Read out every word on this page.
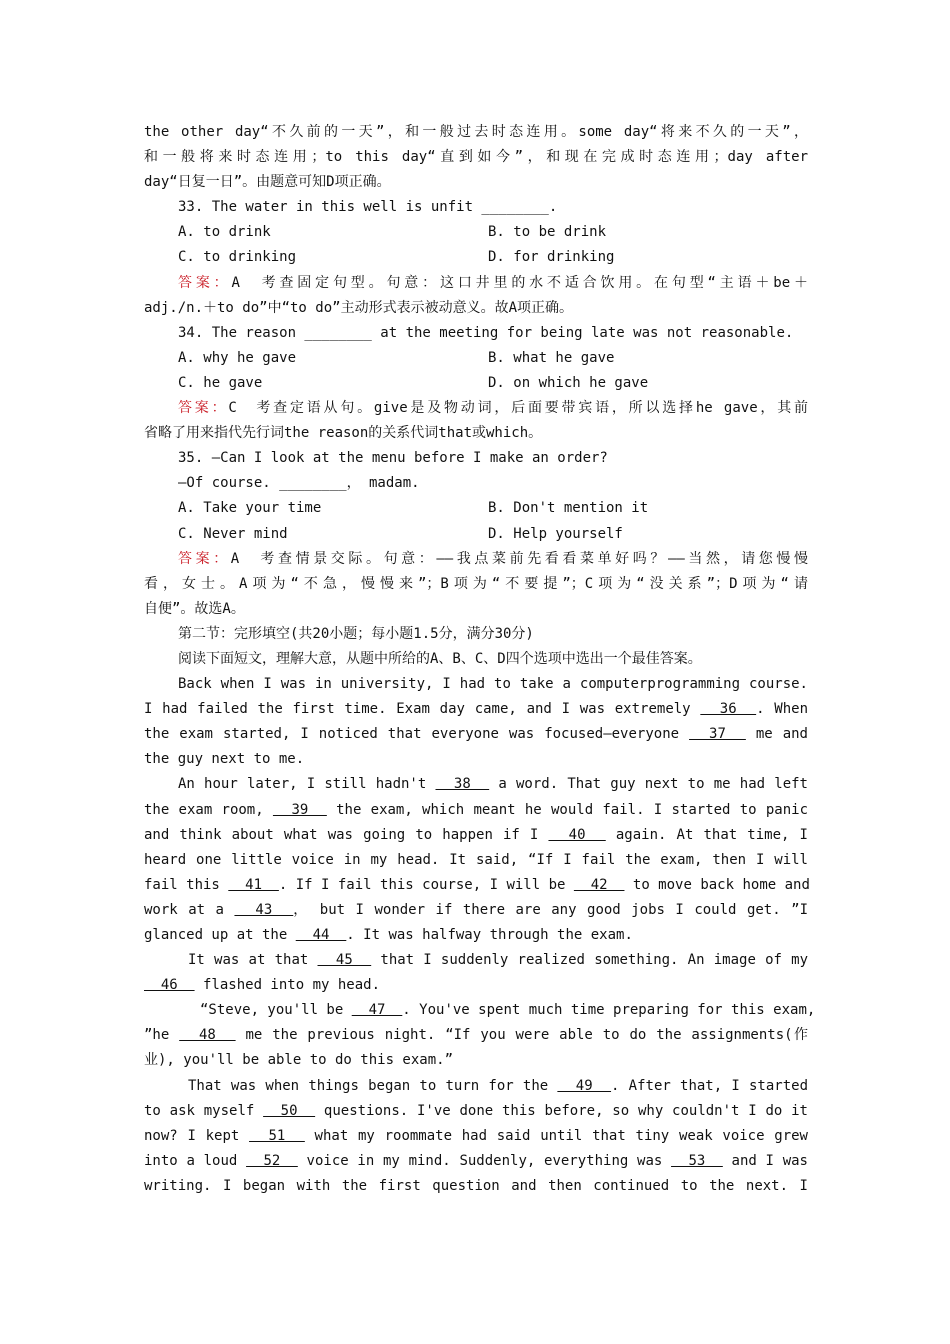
the other day“不久前的一天”，和一般过去时态连用。some day“将来不久的一天”，
和一般将来时态连用；to this day“直到如今”，和现在完成时态连用；day after
day“日复一日”。由题意可知D项正确。
33. The water in this well is unfit ________.
A. to drink	B. to be drink
C. to drinking	D. for drinking
答案：A　考查固定句型。句意：这口井里的水不适合饮用。在句型“主语＋be＋
adj./n.＋to do”中“to do”主动形式表示被动意义。故A项正确。
34. The reason ________ at the meeting for being late was not reasonable.
A. why he gave	B. what he gave
C. he gave	D. on which he gave
答案：C　考查定语从句。give是及物动词，后面要带宾语，所以选择he gave，其前
省略了用来指代先行词the reason的关系代词that或which。
35. —Can I look at the menu before I make an order?
—Of course. ________， madam.
A. Take your time	B. Don't mention it
C. Never mind	D. Help yourself
答案：A　考查情景交际。句意：——我点菜前先看看菜单好吗？——当然，请您慢慢
看，女士。A项为“不急，慢慢来”；B项为“不要提”；C项为“没关系”；D项为“请
自便”。故选A。
第二节：完形填空(共20小题；每小题1.5分，满分30分)
阅读下面短文，理解大意，从题中所给的A、B、C、D四个选项中选出一个最佳答案。
Back when I was in university, I had to take a computerprogramming course.
I had failed the first time. Exam day came, and I was extremely   36  . When
the exam started, I noticed that everyone was focused—everyone   37   me and
the guy next to me.
An hour later, I still hadn't   38   a word. That guy next to me had left
the exam room,   39   the exam, which meant he would fail. I started to panic
and think about what was going to happen if I   40   again. At that time, I
heard one little voice in my head. It said, “If I fail the exam, then I will
fail this   41  . If I fail this course, I will be   42   to move back home and
work at a   43  ， but I wonder if there are any good jobs I could get. ”I
glanced up at the   44  . It was halfway through the exam.
It was at that   45   that I suddenly realized something. An image of my
46   flashed into my head.
“Steve, you'll be   47  . You've spent much time preparing for this exam,
”he   48   me the previous night. “If you were able to do the assignments(作
业), you'll be able to do this exam.”
That was when things began to turn for the   49  . After that, I started
to ask myself   50   questions. I've done this before, so why couldn't I do it
now? I kept   51   what my roommate had said until that tiny weak voice grew
into a loud   52   voice in my mind. Suddenly, everything was   53   and I was
writing. I began with the first question and then continued to the next. I
